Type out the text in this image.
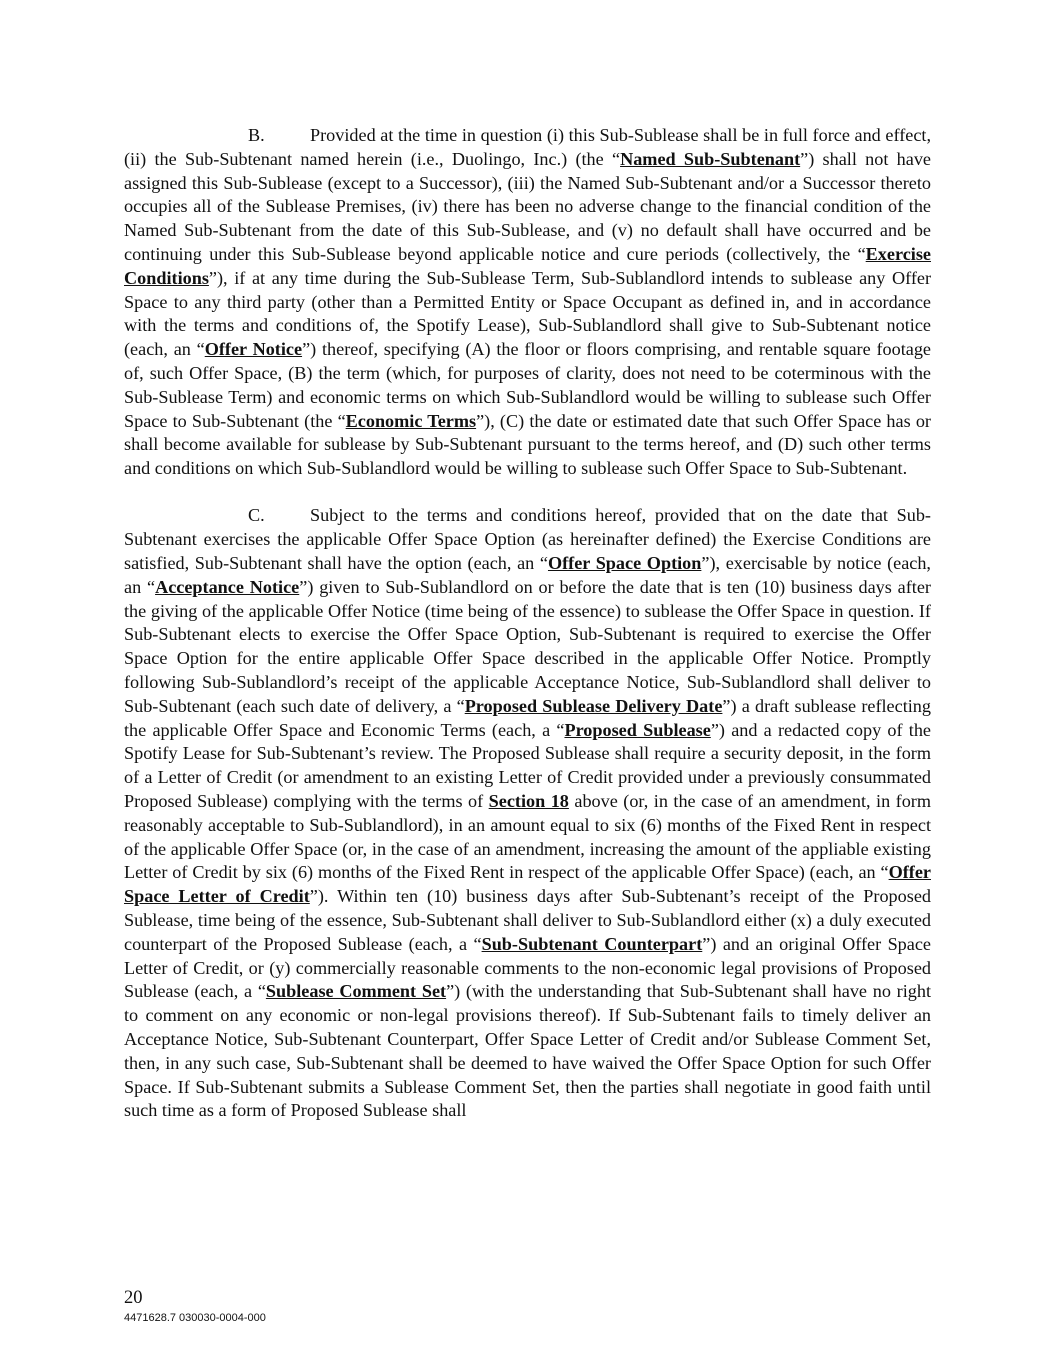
B. Provided at the time in question (i) this Sub-Sublease shall be in full force and effect, (ii) the Sub-Subtenant named herein (i.e., Duolingo, Inc.) (the “Named Sub-Subtenant”) shall not have assigned this Sub-Sublease (except to a Successor), (iii) the Named Sub-Subtenant and/or a Successor thereto occupies all of the Sublease Premises, (iv) there has been no adverse change to the financial condition of the Named Sub-Subtenant from the date of this Sub-Sublease, and (v) no default shall have occurred and be continuing under this Sub-Sublease beyond applicable notice and cure periods (collectively, the “Exercise Conditions”), if at any time during the Sub-Sublease Term, Sub-Sublandlord intends to sublease any Offer Space to any third party (other than a Permitted Entity or Space Occupant as defined in, and in accordance with the terms and conditions of, the Spotify Lease), Sub-Sublandlord shall give to Sub-Subtenant notice (each, an “Offer Notice”) thereof, specifying (A) the floor or floors comprising, and rentable square footage of, such Offer Space, (B) the term (which, for purposes of clarity, does not need to be coterminous with the Sub-Sublease Term) and economic terms on which Sub-Sublandlord would be willing to sublease such Offer Space to Sub-Subtenant (the “Economic Terms”), (C) the date or estimated date that such Offer Space has or shall become available for sublease by Sub-Subtenant pursuant to the terms hereof, and (D) such other terms and conditions on which Sub-Sublandlord would be willing to sublease such Offer Space to Sub-Subtenant.

C. Subject to the terms and conditions hereof, provided that on the date that Sub-Subtenant exercises the applicable Offer Space Option (as hereinafter defined) the Exercise Conditions are satisfied, Sub-Subtenant shall have the option (each, an “Offer Space Option”), exercisable by notice (each, an “Acceptance Notice”) given to Sub-Sublandlord on or before the date that is ten (10) business days after the giving of the applicable Offer Notice (time being of the essence) to sublease the Offer Space in question. If Sub-Subtenant elects to exercise the Offer Space Option, Sub-Subtenant is required to exercise the Offer Space Option for the entire applicable Offer Space described in the applicable Offer Notice. Promptly following Sub-Sublandlord’s receipt of the applicable Acceptance Notice, Sub-Sublandlord shall deliver to Sub-Subtenant (each such date of delivery, a “Proposed Sublease Delivery Date”) a draft sublease reflecting the applicable Offer Space and Economic Terms (each, a “Proposed Sublease”) and a redacted copy of the Spotify Lease for Sub-Subtenant’s review. The Proposed Sublease shall require a security deposit, in the form of a Letter of Credit (or amendment to an existing Letter of Credit provided under a previously consummated Proposed Sublease) complying with the terms of Section 18 above (or, in the case of an amendment, in form reasonably acceptable to Sub-Sublandlord), in an amount equal to six (6) months of the Fixed Rent in respect of the applicable Offer Space (or, in the case of an amendment, increasing the amount of the appliable existing Letter of Credit by six (6) months of the Fixed Rent in respect of the applicable Offer Space) (each, an “Offer Space Letter of Credit”). Within ten (10) business days after Sub-Subtenant’s receipt of the Proposed Sublease, time being of the essence, Sub-Subtenant shall deliver to Sub-Sublandlord either (x) a duly executed counterpart of the Proposed Sublease (each, a “Sub-Subtenant Counterpart”) and an original Offer Space Letter of Credit, or (y) commercially reasonable comments to the non-economic legal provisions of Proposed Sublease (each, a “Sublease Comment Set”) (with the understanding that Sub-Subtenant shall have no right to comment on any economic or non-legal provisions thereof). If Sub-Subtenant fails to timely deliver an Acceptance Notice, Sub-Subtenant Counterpart, Offer Space Letter of Credit and/or Sublease Comment Set, then, in any such case, Sub-Subtenant shall be deemed to have waived the Offer Space Option for such Offer Space. If Sub-Subtenant submits a Sublease Comment Set, then the parties shall negotiate in good faith until such time as a form of Proposed Sublease shall

20
4471628.7 030030-0004-000
